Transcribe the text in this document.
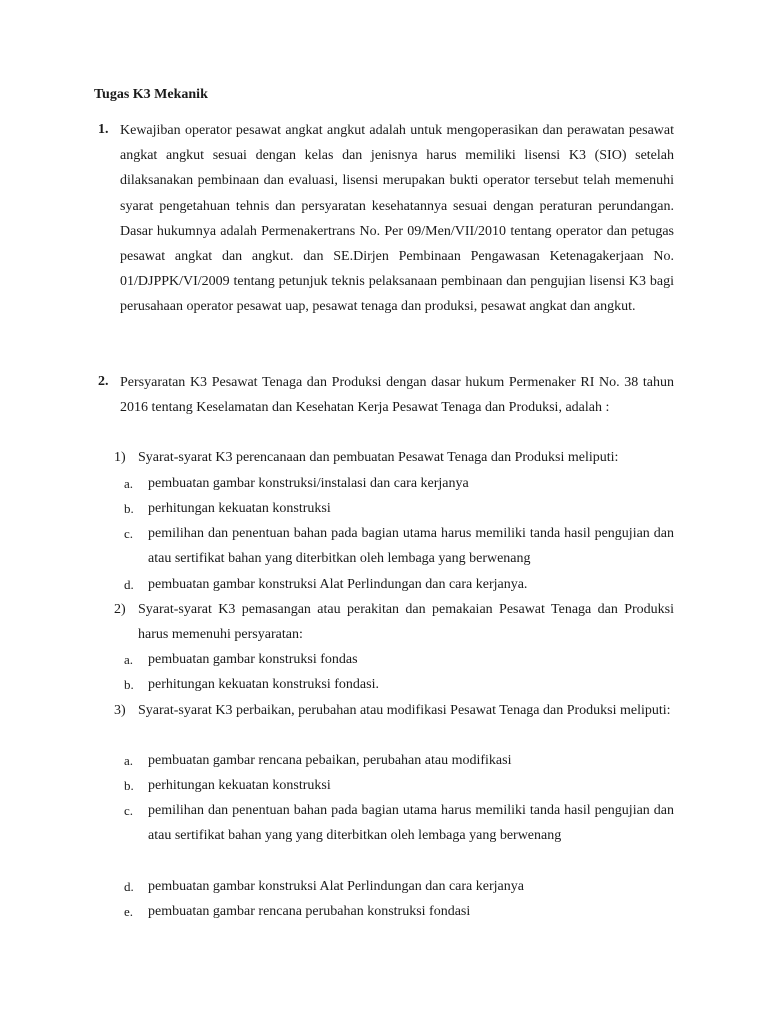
Tugas K3 Mekanik
1. Kewajiban operator pesawat angkat angkut adalah untuk mengoperasikan dan perawatan pesawat angkat angkut sesuai dengan kelas dan jenisnya harus memiliki lisensi K3 (SIO) setelah dilaksanakan pembinaan dan evaluasi, lisensi merupakan bukti operator tersebut telah memenuhi syarat pengetahuan tehnis dan persyaratan kesehatannya sesuai dengan peraturan perundangan. Dasar hukumnya adalah Permenakertrans No. Per 09/Men/VII/2010 tentang operator dan petugas pesawat angkat dan angkut. dan SE.Dirjen Pembinaan Pengawasan Ketenagakerjaan No. 01/DJPPK/VI/2009 tentang petunjuk teknis pelaksanaan pembinaan dan pengujian lisensi K3 bagi perusahaan operator pesawat uap, pesawat tenaga dan produksi, pesawat angkat dan angkut.

2. Persyaratan K3 Pesawat Tenaga dan Produksi dengan dasar hukum Permenaker RI No. 38 tahun 2016 tentang Keselamatan dan Kesehatan Kerja Pesawat Tenaga dan Produksi, adalah :

1) Syarat-syarat K3 perencanaan dan pembuatan Pesawat Tenaga dan Produksi meliputi:
a. pembuatan gambar konstruksi/instalasi dan cara kerjanya
b. perhitungan kekuatan konstruksi
c. pemilihan dan penentuan bahan pada bagian utama harus memiliki tanda hasil pengujian dan atau sertifikat bahan yang diterbitkan oleh lembaga yang berwenang
d. pembuatan gambar konstruksi Alat Perlindungan dan cara kerjanya.
2) Syarat-syarat K3 pemasangan atau perakitan dan pemakaian Pesawat Tenaga dan Produksi harus memenuhi persyaratan:
a. pembuatan gambar konstruksi fondas
b. perhitungan kekuatan konstruksi fondasi.
3) Syarat-syarat K3 perbaikan, perubahan atau modifikasi Pesawat Tenaga dan Produksi meliputi:
a. pembuatan gambar rencana pebaikan, perubahan atau modifikasi
b. perhitungan kekuatan konstruksi
c. pemilihan dan penentuan bahan pada bagian utama harus memiliki tanda hasil pengujian dan atau sertifikat bahan yang yang diterbitkan oleh lembaga yang berwenang
d. pembuatan gambar konstruksi Alat Perlindungan dan cara kerjanya
e. pembuatan gambar rencana perubahan konstruksi fondasi
